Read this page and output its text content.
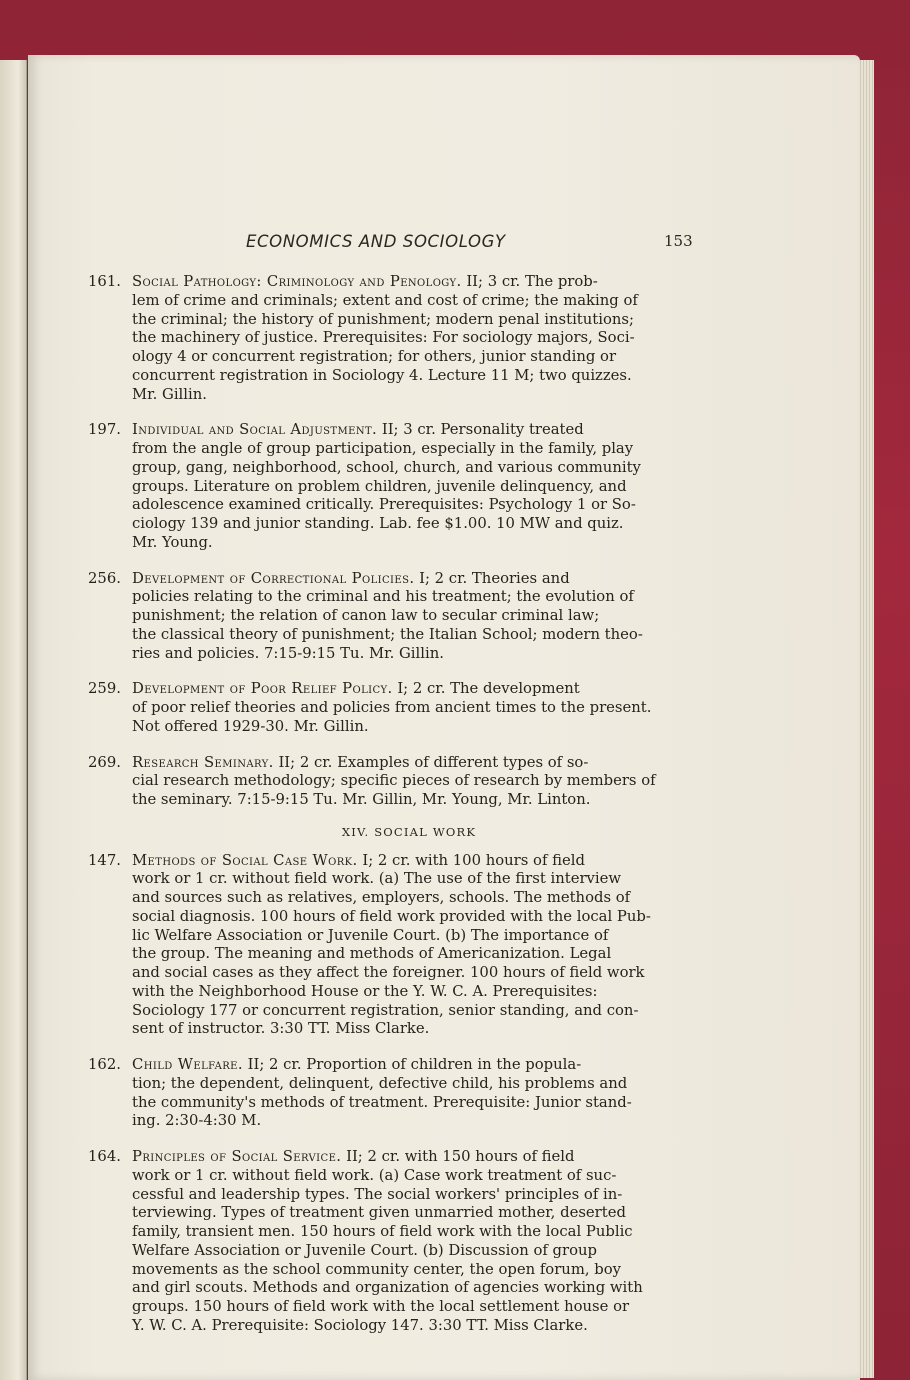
ECONOMICS AND SOCIOLOGY	153
161. Social Pathology: Criminology and Penology. II; 3 cr. The prob-
lem of crime and criminals; extent and cost of crime; the making of
the criminal; the history of punishment; modern penal institutions;
the machinery of justice. Prerequisites: For sociology majors, Soci-
ology 4 or concurrent registration; for others, junior standing or
concurrent registration in Sociology 4. Lecture 11 M; two quizzes.
Mr. Gillin.
197. Individual and Social Adjustment. II; 3 cr. Personality treated
from the angle of group participation, especially in the family, play
group, gang, neighborhood, school, church, and various community
groups. Literature on problem children, juvenile delinquency, and
adolescence examined critically. Prerequisites: Psychology 1 or So-
ciology 139 and junior standing. Lab. fee $1.00. 10 MW and quiz.
Mr. Young.
256. Development of Correctional Policies. I; 2 cr. Theories and
policies relating to the criminal and his treatment; the evolution of
punishment; the relation of canon law to secular criminal law;
the classical theory of punishment; the Italian School; modern theo-
ries and policies. 7:15-9:15 Tu. Mr. Gillin.
259. Development of Poor Relief Policy. I; 2 cr. The development
of poor relief theories and policies from ancient times to the present.
Not offered 1929-30. Mr. Gillin.
269. Research Seminary. II; 2 cr. Examples of different types of so-
cial research methodology; specific pieces of research by members of
the seminary. 7:15-9:15 Tu. Mr. Gillin, Mr. Young, Mr. Linton.
XIV. SOCIAL WORK
147. Methods of Social Case Work. I; 2 cr. with 100 hours of field
work or 1 cr. without field work. (a) The use of the first interview
and sources such as relatives, employers, schools. The methods of
social diagnosis. 100 hours of field work provided with the local Pub-
lic Welfare Association or Juvenile Court. (b) The importance of
the group. The meaning and methods of Americanization. Legal
and social cases as they affect the foreigner. 100 hours of field work
with the Neighborhood House or the Y. W. C. A. Prerequisites:
Sociology 177 or concurrent registration, senior standing, and con-
sent of instructor. 3:30 TT. Miss Clarke.
162. Child Welfare. II; 2 cr. Proportion of children in the popula-
tion; the dependent, delinquent, defective child, his problems and
the community's methods of treatment. Prerequisite: Junior stand-
ing. 2:30-4:30 M.
164. Principles of Social Service. II; 2 cr. with 150 hours of field
work or 1 cr. without field work. (a) Case work treatment of suc-
cessful and leadership types. The social workers' principles of in-
terviewing. Types of treatment given unmarried mother, deserted
family, transient men. 150 hours of field work with the local Public
Welfare Association or Juvenile Court. (b) Discussion of group
movements as the school community center, the open forum, boy
and girl scouts. Methods and organization of agencies working with
groups. 150 hours of field work with the local settlement house or
Y. W. C. A. Prerequisite: Sociology 147. 3:30 TT. Miss Clarke.
